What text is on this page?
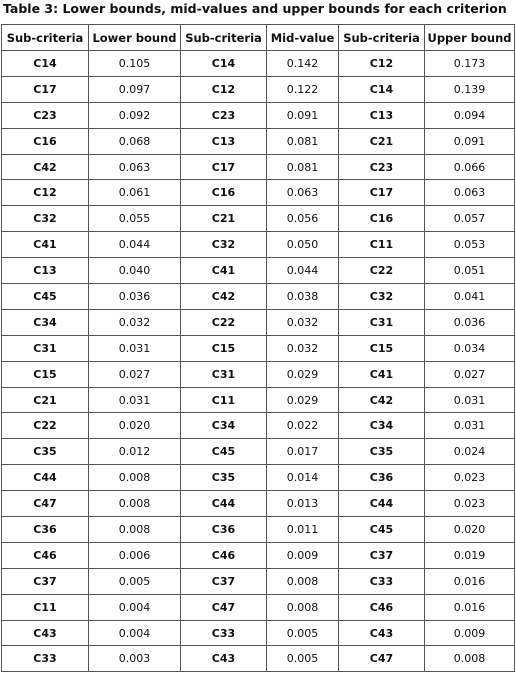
Table 3: Lower bounds, mid-values and upper bounds for each criterion
Sub-criteria	Lower bound	Sub-criteria	Mid-value	Sub-criteria	Upper bound
C14	0.105	C14	0.142	C12	0.173
C17	0.097	C12	0.122	C14	0.139
C23	0.092	C23	0.091	C13	0.094
C16	0.068	C13	0.081	C21	0.091
C42	0.063	C17	0.081	C23	0.066
C12	0.061	C16	0.063	C17	0.063
C32	0.055	C21	0.056	C16	0.057
C41	0.044	C32	0.050	C11	0.053
C13	0.040	C41	0.044	C22	0.051
C45	0.036	C42	0.038	C32	0.041
C34	0.032	C22	0.032	C31	0.036
C31	0.031	C15	0.032	C15	0.034
C15	0.027	C31	0.029	C41	0.027
C21	0.031	C11	0.029	C42	0.031
C22	0.020	C34	0.022	C34	0.031
C35	0.012	C45	0.017	C35	0.024
C44	0.008	C35	0.014	C36	0.023
C47	0.008	C44	0.013	C44	0.023
C36	0.008	C36	0.011	C45	0.020
C46	0.006	C46	0.009	C37	0.019
C37	0.005	C37	0.008	C33	0.016
C11	0.004	C47	0.008	C46	0.016
C43	0.004	C33	0.005	C43	0.009
C33	0.003	C43	0.005	C47	0.008
